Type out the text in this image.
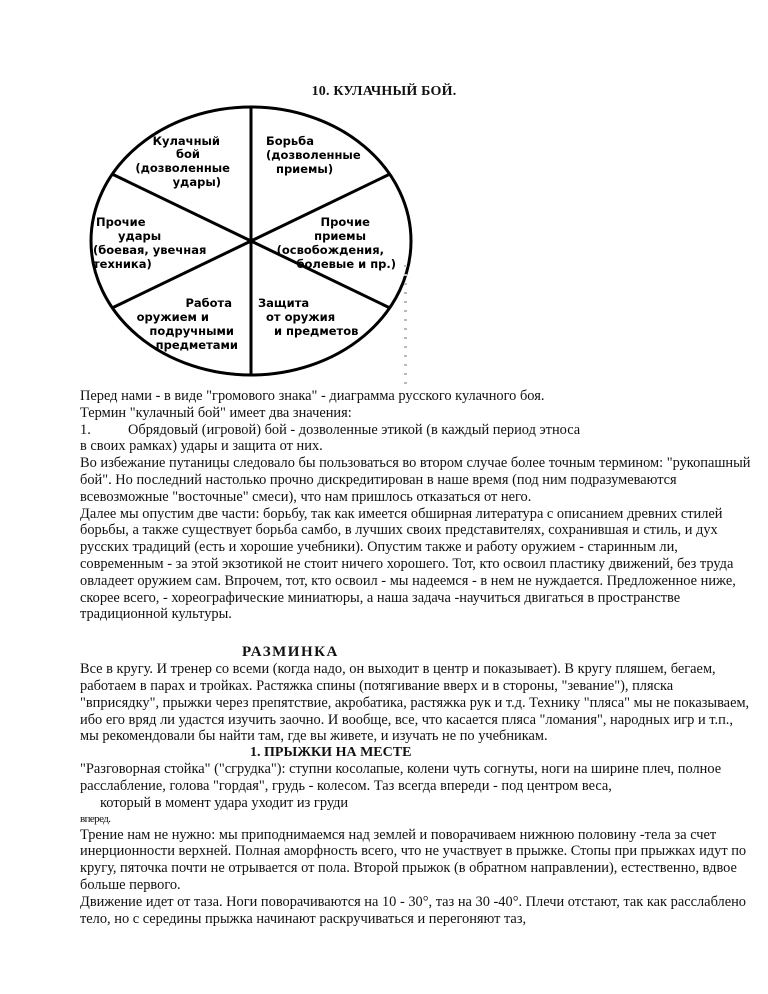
10. КУЛАЧНЫЙ БОЙ.
Кулачный бой (дозволенные удары)
Борьба (дозволенные приемы)
Прочие приемы (освобождения, болевые и пр.)
Защита от оружия и предметов
Работа оружием и подручными предметами
Прочие удары (боевая, увечная техника)

Перед нами - в виде "громового знака" - диаграмма русского кулачного боя.

Термин "кулачный бой" имеет два значения:

1.	Обрядовый (игровой) бой - дозволенные этикой (в каждый период этноса

в своих рамках) удары и защита от них.

Во избежание путаницы следовало бы пользоваться во втором случае более точным термином: "рукопашный бой". Но последний настолько прочно дискредитирован в наше время (под ним подразумеваются всевозможные "восточные" смеси), что нам пришлось отказаться от него.

Далее мы опустим две части: борьбу, так как имеется обширная литература с описанием древних стилей борьбы, а также существует борьба самбо, в лучших своих представителях, сохранившая и стиль, и дух русских традиций (есть и хорошие учебники). Опустим также и работу оружием - старинным ли, современным - за этой экзотикой не стоит ничего хорошего. Тот, кто освоил пластику движений, без труда овладеет оружием сам. Впрочем, тот, кто освоил - мы надеемся - в нем не нуждается. Предложенное ниже, скорее всего, - хореографические миниатюры, а наша задача -научиться двигаться в пространстве традиционной культуры.

РАЗМИНКА

Все в кругу. И тренер со всеми (когда надо, он выходит в центр и показывает). В кругу пляшем, бегаем, работаем в парах и тройках. Растяжка спины (потягивание вверх и в стороны, "зевание"), пляска "вприсядку", прыжки через препятствие, акробатика, растяжка рук и т.д. Технику "пляса" мы не показываем, ибо его вряд ли удастся изучить заочно. И вообще, все, что касается пляса "ломания", народных игр и т.п., мы рекомендовали бы найти там, где вы живете, и изучать не по учебникам.

1. ПРЫЖКИ НА МЕСТЕ

"Разговорная стойка" ("сгрудка"): ступни косолапые, колени чуть согнуты, ноги на ширине плеч, полное расслабление, голова "гордая", грудь - колесом. Таз всегда впереди - под центром веса,

который в момент удара уходит из груди

вперед.

Трение нам не нужно: мы приподнимаемся над землей и поворачиваем нижнюю половину -тела за счет инерционности верхней. Полная аморфность всего, что не участвует в прыжке. Стопы при прыжках идут по кругу, пяточка почти не отрывается от пола. Второй прыжок (в обратном направлении), естественно, вдвое больше первого.

Движение идет от таза. Ноги поворачиваются на 10 - 30°, таз на 30 -40°. Плечи отстают, так как расслаблено тело, но с середины прыжка начинают раскручиваться и перегоняют таз,
